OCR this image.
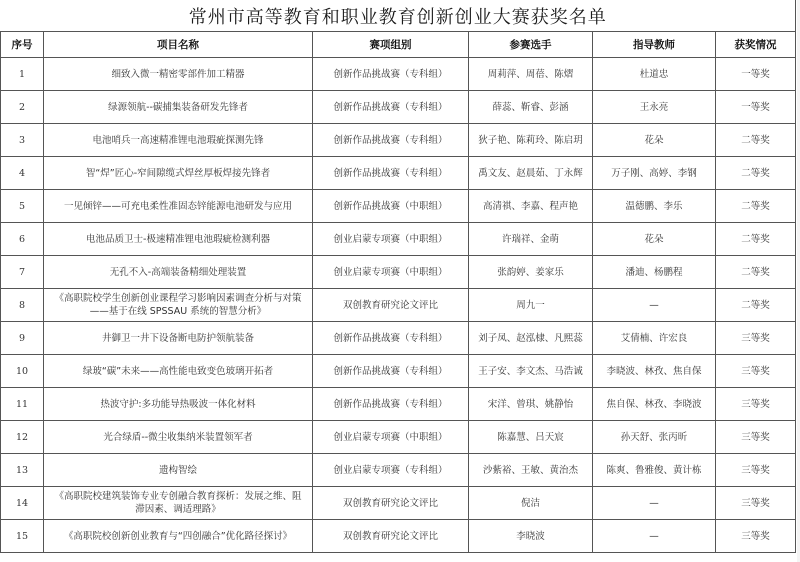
常州市高等教育和职业教育创新创业大赛获奖名单					
序号	项目名称	赛项组别	参赛选手	指导教师	获奖情况
1	细致入微一精密零部件加工精器	创新作品挑战赛（专科组）	周莉萍、周蓓、陈熠	杜道忠	一等奖
2	绿源领航--碳捕集装备研发先锋者	创新作品挑战赛（专科组）	薛蕊、靳睿、彭涵	王永亮	一等奖
3	电池哨兵一高速精准锂电池瑕疵探测先锋	创新作品挑战赛（专科组）	狄子艳、陈莉玲、陈启玥	花朵	二等奖
4	智“焊”匠心-窄间隙缆式焊丝厚板焊接先锋者	创新作品挑战赛（专科组）	禹文友、赵晨茹、丁永辉	万子刚、高婷、李钢	二等奖
5	一见倾锌——可充电柔性准固态锌能源电池研发与应用	创新作品挑战赛（中职组）	高清祺、李嘉、程声艳	温德鹏、李乐	二等奖
6	电池品质卫士-极速精准锂电池瑕疵检测利器	创业启蒙专项赛（中职组）	许瑞祥、金萌	花朵	二等奖
7	无孔不入-高端装备精细处理装置	创业启蒙专项赛（中职组）	张韵婷、姜家乐	潘迪、杨鹏程	二等奖
8	《高职院校学生创新创业课程学习影响因素调查分析与对策——基于在线 SPSSAU 系统的智慧分析》	双创教育研究论文评比	周九一	—	二等奖
9	井御卫一井下设备断电防护领航装备	创新作品挑战赛（专科组）	刘子凤、赵泓棣、凡熙蕊	艾倩楠、许宏良	三等奖
10	绿玻“碳”未来——高性能电致变色玻璃开拓者	创新作品挑战赛（专科组）	王子安、李文杰、马浩诚	李晓波、林孜、焦自保	三等奖
11	热波守护:多功能导热吸波一体化材料	创新作品挑战赛（专科组）	宋洋、曾琪、姚静怡	焦自保、林孜、李晓波	三等奖
12	光合绿盾--微尘收集纳米装置领军者	创业启蒙专项赛（中职组）	陈嘉慧、吕天宸	孙天舒、张丙昕	三等奖
13	遗构智绘	创业启蒙专项赛（专科组）	沙紫裕、王敏、黄治杰	陈爽、鲁雅俊、黄计栋	三等奖
14	《高职院校建筑装饰专业专创融合教育探析：发展之维、阻滞因素、调适理路》	双创教育研究论文评比	倪洁	—	三等奖
15	《高职院校创新创业教育与“四创融合”优化路径探讨》	双创教育研究论文评比	李晓波	—	三等奖
